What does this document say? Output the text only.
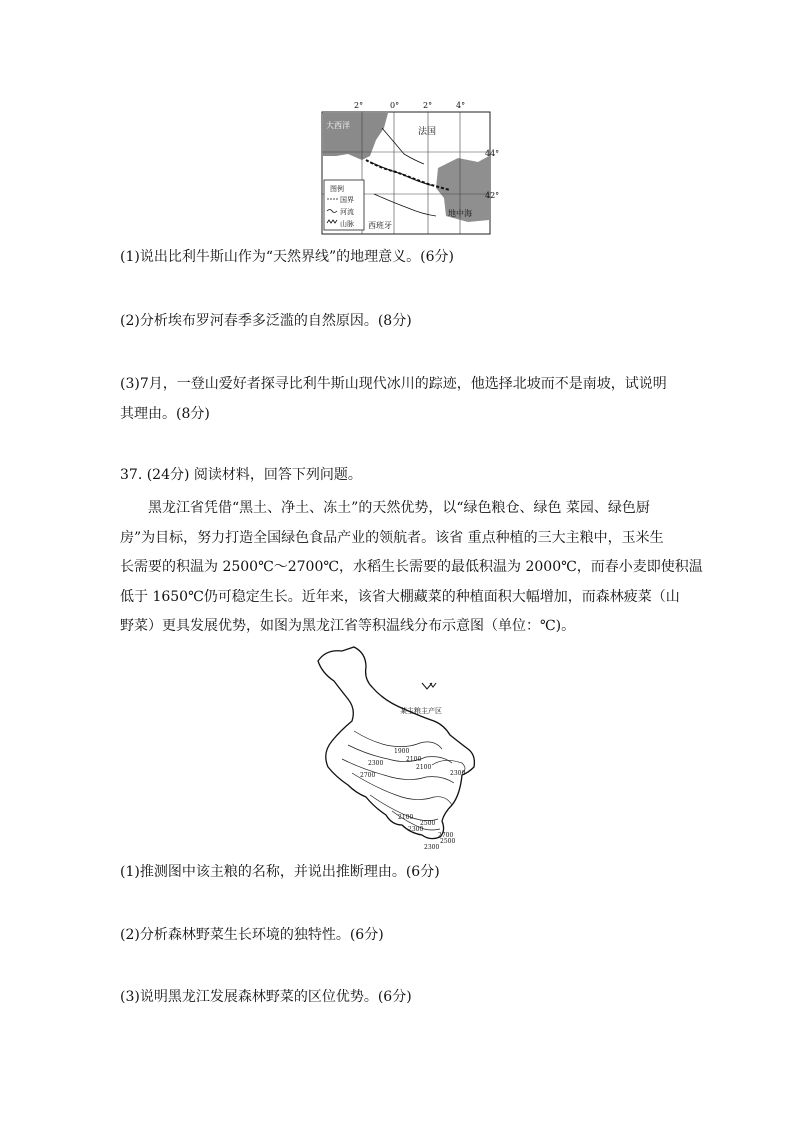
2°	0°	2°	4°
44°
42°
大西洋
法国
地中海
图例
国界
河流
山脉 西班牙
(1)说出比利牛斯山作为“天然界线”的地理意义。(6分)
(2)分析埃布罗河春季多泛滥的自然原因。(8分)
(3)7月，一登山爱好者探寻比利牛斯山现代冰川的踪迹，他选择北坡而不是南坡，试说明
其理由。(8分)
37. (24分) 阅读材料，回答下列问题。
黑龙江省凭借“黑土、净土、冻土”的天然优势，以“绿色粮仓、绿色 菜园、绿色厨
房”为目标，努力打造全国绿色食品产业的领航者。该省 重点种植的三大主粮中，玉米生
长需要的积温为 2500℃～2700℃，水稻生长需要的最低积温为 2000℃，而春小麦即使积温
低于 1650℃仍可稳定生长。近年来，该省大棚藏菜的种植面积大幅增加，而森林疲菜（山
野菜）更具发展优势，如图为黑龙江省等积温线分布示意图（单位：℃)。
某主粮主产区
1900
2100
2300
2100
2700	2300
2100
2300
2500
2700
2500
2300
(1)推测图中该主粮的名称，并说出推断理由。(6分)
(2)分析森林野菜生长环境的独特性。(6分)
(3)说明黑龙江发展森林野菜的区位优势。(6分)
